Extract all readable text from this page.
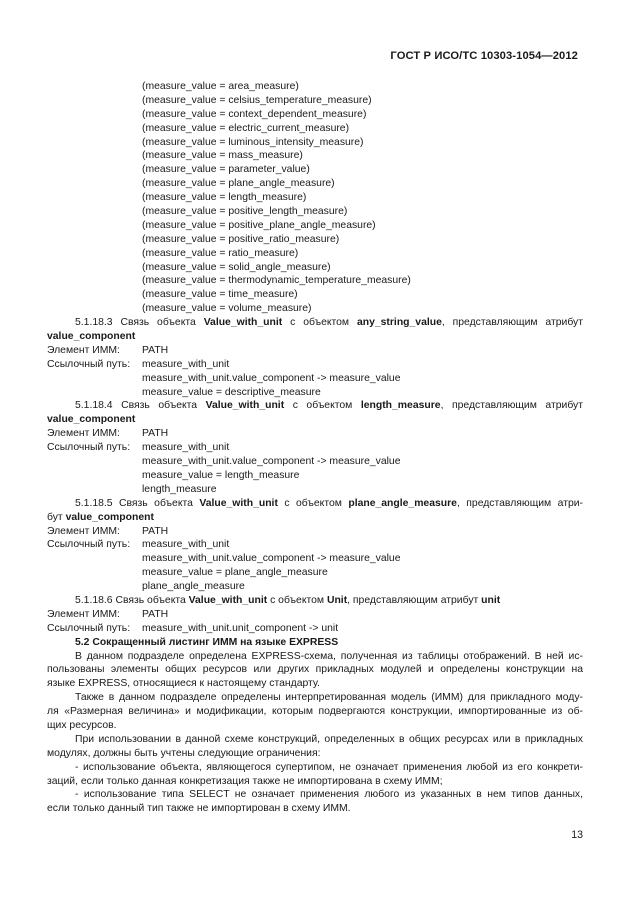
ГОСТ Р ИСО/ТС 10303-1054—2012
(measure_value = area_measure)
(measure_value = celsius_temperature_measure)
(measure_value = context_dependent_measure)
(measure_value = electric_current_measure)
(measure_value = luminous_intensity_measure)
(measure_value = mass_measure)
(measure_value = parameter_value)
(measure_value = plane_angle_measure)
(measure_value = length_measure)
(measure_value = positive_length_measure)
(measure_value = positive_plane_angle_measure)
(measure_value = positive_ratio_measure)
(measure_value = ratio_measure)
(measure_value = solid_angle_measure)
(measure_value = thermodynamic_temperature_measure)
(measure_value = time_measure)
(measure_value = volume_measure)
5.1.18.3 Связь объекта Value_with_unit с объектом any_string_value, представляющим атрибут
value_component
Элемент ИММ:	PATH
Ссылочный путь:	measure_with_unit
measure_with_unit.value_component -> measure_value
measure_value = descriptive_measure
5.1.18.4 Связь объекта Value_with_unit с объектом length_measure, представляющим атрибут
value_component
Элемент ИММ:	PATH
Ссылочный путь:	measure_with_unit
measure_with_unit.value_component -> measure_value
measure_value = length_measure
length_measure
5.1.18.5 Связь объекта Value_with_unit с объектом plane_angle_measure, представляющим атри-
бут value_component
Элемент ИММ:	PATH
Ссылочный путь:	measure_with_unit
measure_with_unit.value_component -> measure_value
measure_value = plane_angle_measure
plane_angle_measure
5.1.18.6 Связь объекта Value_with_unit с объектом Unit, представляющим атрибут unit
Элемент ИММ:	PATH
Ссылочный путь:	measure_with_unit.unit_component -> unit
5.2 Сокращенный листинг ИММ на языке EXPRESS
В данном подразделе определена EXPRESS-схема, полученная из таблицы отображений. В ней ис-
пользованы элементы общих ресурсов или других прикладных модулей и определены конструкции на
языке EXPRESS, относящиеся к настоящему стандарту.
Также в данном подразделе определены интерпретированная модель (ИММ) для прикладного моду-
ля «Размерная величина» и модификации, которым подвергаются конструкции, импортированные из об-
щих ресурсов.
При использовании в данной схеме конструкций, определенных в общих ресурсах или в прикладных
модулях, должны быть учтены следующие ограничения:
- использование объекта, являющегося супертипом, не означает применения любой из его конкрети-
заций, если только данная конкретизация также не импортирована в схему ИММ;
- использование типа SELECT не означает применения любого из указанных в нем типов данных,
если только данный тип также не импортирован в схему ИММ.
13
